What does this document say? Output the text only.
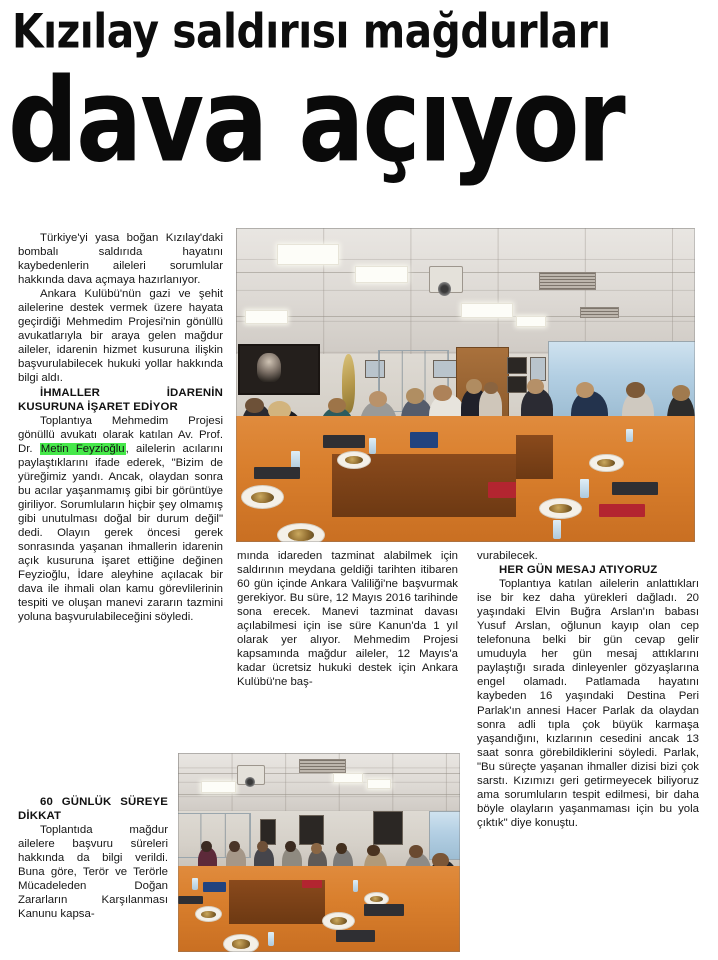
Kızılay saldırısı mağdurları
dava açıyor

Türkiye'yi yasa boğan Kızılay'daki bombalı saldırıda hayatını kaybedenlerin aileleri sorumlular hakkında dava açmaya hazırlanıyor.

Ankara Kulübü'nün gazi ve şehit ailelerine destek vermek üzere hayata geçirdiği Mehmedim Projesi'nin gönüllü avukatlarıyla bir araya gelen mağdur aileler, idarenin hizmet kusuruna ilişkin başvurulabilecek hukuki yollar hakkında bilgi aldı.

İHMALLER İDARENİN KUSURUNA İŞARET EDİYOR

Toplantıya Mehmedim Projesi gönüllü avukatı olarak katılan Av. Prof. Dr. Metin Feyzioğlu, ailelerin acılarını paylaştıklarını ifade ederek, "Bizim de yüreğimiz yandı. Ancak, olaydan sonra bu acılar yaşanmamış gibi bir görüntüye giriliyor. Sorumluların hiçbir şey olmamış gibi unutulması doğal bir durum değil" dedi. Olayın gerek öncesi gerek sonrasında yaşanan ihmallerin idarenin açık kusuruna işaret ettiğine değinen Feyzioğlu, İdare aleyhine açılacak bir dava ile ihmali olan kamu görevlilerinin tespiti ve oluşan manevi zararın tazmini yoluna başvurulabileceğini söyledi.

60 GÜNLÜK SÜREYE DİKKAT

Toplantıda mağdur ailelere başvuru süreleri hakkında da bilgi verildi. Buna göre, Terör ve Terörle Mücadeleden Doğan Zararların Karşılanması Kanunu kapsa-

mında idareden tazminat alabilmek için saldırının meydana geldiği tarihten itibaren 60 gün içinde Ankara Valiliği'ne başvurmak gerekiyor. Bu süre, 12 Mayıs 2016 tarihinde sona erecek. Manevi tazminat davası açılabilmesi için ise süre Kanun'da 1 yıl olarak yer alıyor. Mehmedim Projesi kapsamında mağdur aileler, 12 Mayıs'a kadar ücretsiz hukuki destek için Ankara Kulübü'ne baş-

vurabilecek.

HER GÜN MESAJ ATIYORUZ

Toplantıya katılan ailelerin anlattıkları ise bir kez daha yürekleri dağladı. 20 yaşındaki Elvin Buğra Arslan'ın babası Yusuf Arslan, oğlunun kayıp olan cep telefonuna belki bir gün cevap gelir umuduyla her gün mesaj attıklarını paylaştığı sırada dinleyenler gözyaşlarına engel olamadı. Patlamada hayatını kaybeden 16 yaşındaki Destina Peri Parlak'ın annesi Hacer Parlak da olaydan sonra adli tıpla çok büyük karmaşa yaşandığını, kızlarının cesedini ancak 13 saat sonra görebildiklerini söyledi. Parlak, "Bu süreçte yaşanan ihmaller dizisi bizi çok sarstı. Kızımızı geri getirmeyecek biliyoruz ama sorumluların tespit edilmesi, bir daha böyle olayların yaşanmaması için bu yola çıktık" diye konuştu.
